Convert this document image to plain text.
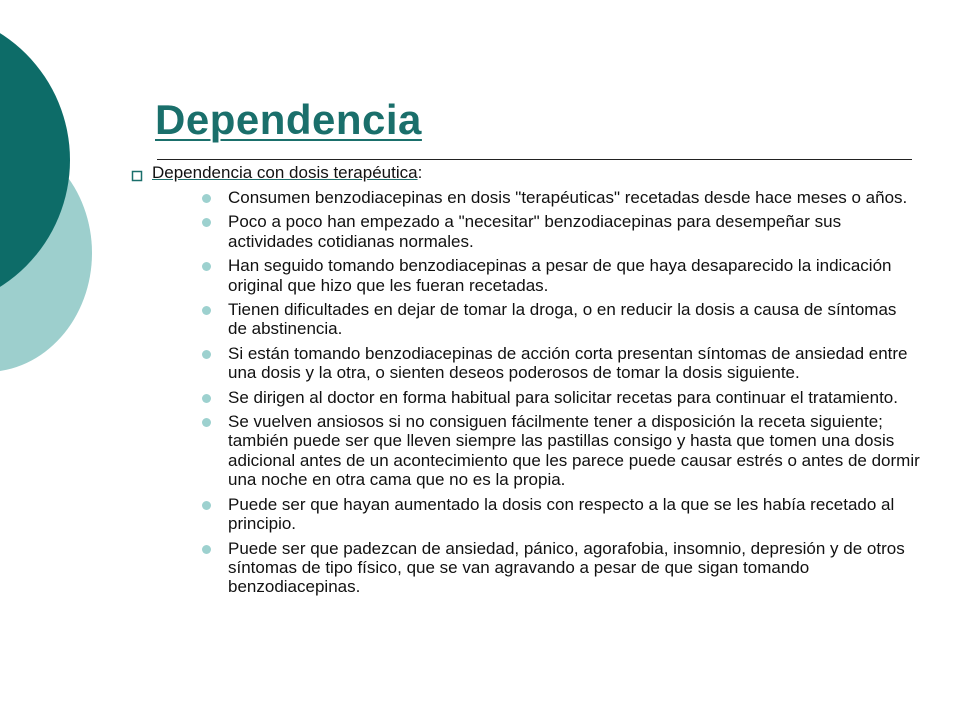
Dependencia
Dependencia con dosis terapéutica:
Consumen benzodiacepinas en dosis "terapéuticas" recetadas desde hace meses o años.
Poco a poco han empezado a "necesitar" benzodiacepinas para desempeñar sus actividades cotidianas normales.
Han seguido tomando benzodiacepinas a pesar de que haya desaparecido la indicación original que hizo que les fueran recetadas.
Tienen dificultades en dejar de tomar la droga, o en reducir la dosis a causa de síntomas de abstinencia.
Si están tomando benzodiacepinas de acción corta presentan síntomas de ansiedad entre una dosis y la otra, o sienten deseos poderosos de tomar la dosis siguiente.
Se dirigen al doctor en forma habitual para solicitar recetas para continuar el tratamiento.
Se vuelven ansiosos si no consiguen fácilmente tener a disposición la receta siguiente; también puede ser que lleven siempre las pastillas consigo y hasta que tomen una dosis adicional antes de un acontecimiento que les parece puede causar estrés o antes de dormir una noche en otra cama que no es la propia.
Puede ser que hayan aumentado la dosis con respecto a la que se les había recetado al principio.
Puede ser que padezcan de ansiedad, pánico, agorafobia, insomnio, depresión y de otros síntomas de tipo físico, que se van agravando a pesar de que sigan tomando benzodiacepinas.
